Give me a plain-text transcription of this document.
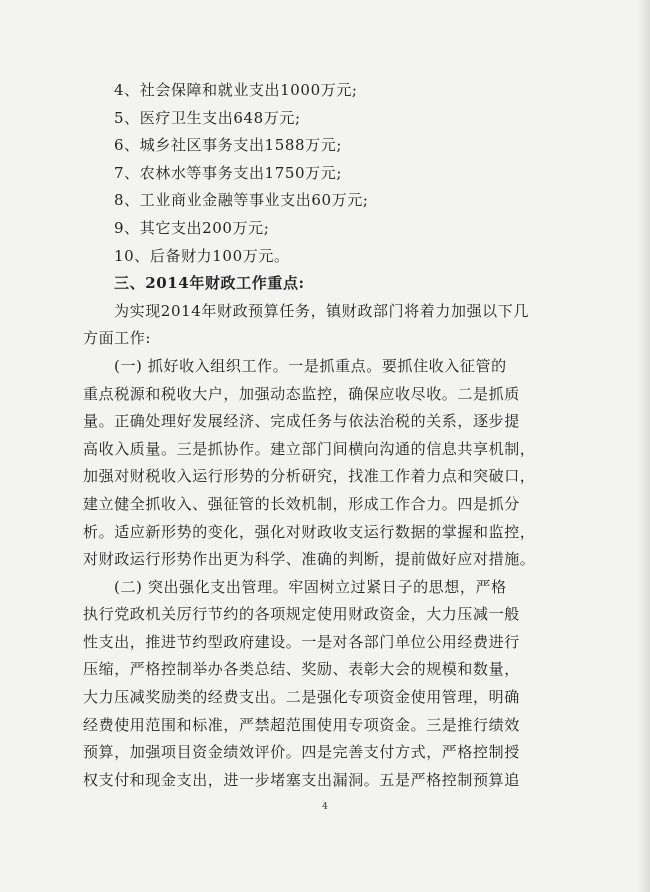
4、社会保障和就业支出1000万元;
5、医疗卫生支出648万元;
6、城乡社区事务支出1588万元;
7、农林水等事务支出1750万元;
8、工业商业金融等事业支出60万元;
9、其它支出200万元;
10、后备财力100万元。
三、2014年财政工作重点:
为实现2014年财政预算任务，镇财政部门将着力加强以下几
方面工作:
(一) 抓好收入组织工作。一是抓重点。要抓住收入征管的
重点税源和税收大户，加强动态监控，确保应收尽收。二是抓质
量。正确处理好发展经济、完成任务与依法治税的关系，逐步提
高收入质量。三是抓协作。建立部门间横向沟通的信息共享机制，
加强对财税收入运行形势的分析研究，找准工作着力点和突破口，
建立健全抓收入、强征管的长效机制，形成工作合力。四是抓分
析。适应新形势的变化，强化对财政收支运行数据的掌握和监控，
对财政运行形势作出更为科学、准确的判断，提前做好应对措施。
(二) 突出强化支出管理。牢固树立过紧日子的思想，严格
执行党政机关厉行节约的各项规定使用财政资金，大力压减一般
性支出，推进节约型政府建设。一是对各部门单位公用经费进行
压缩，严格控制举办各类总结、奖励、表彰大会的规模和数量，
大力压减奖励类的经费支出。二是强化专项资金使用管理，明确
经费使用范围和标准，严禁超范围使用专项资金。三是推行绩效
预算，加强项目资金绩效评价。四是完善支付方式，严格控制授
权支付和现金支出，进一步堵塞支出漏洞。五是严格控制预算追
4
